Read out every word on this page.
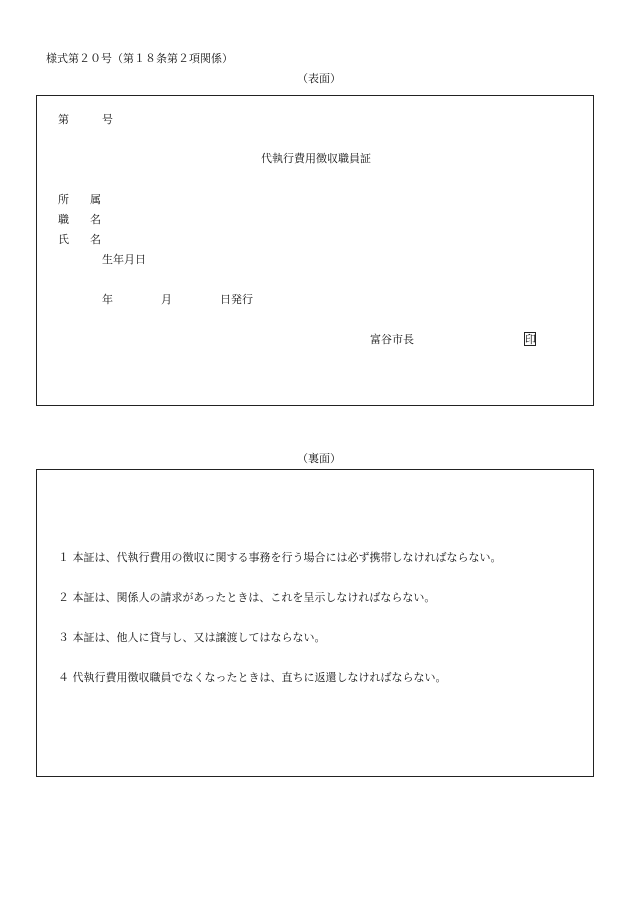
様式第２０号（第１８条第２項関係）
（表面）
第	号
代執行費用徴収職員証
所 属
職 名
氏 名
生年月日
年	月	日発行
富谷市長	印
（裏面）
１ 本証は、代執行費用の徴収に関する事務を行う場合には必ず携帯しなければならない。
２ 本証は、関係人の請求があったときは、これを呈示しなければならない。
３ 本証は、他人に貸与し、又は譲渡してはならない。
４ 代執行費用徴収職員でなくなったときは、直ちに返還しなければならない。
